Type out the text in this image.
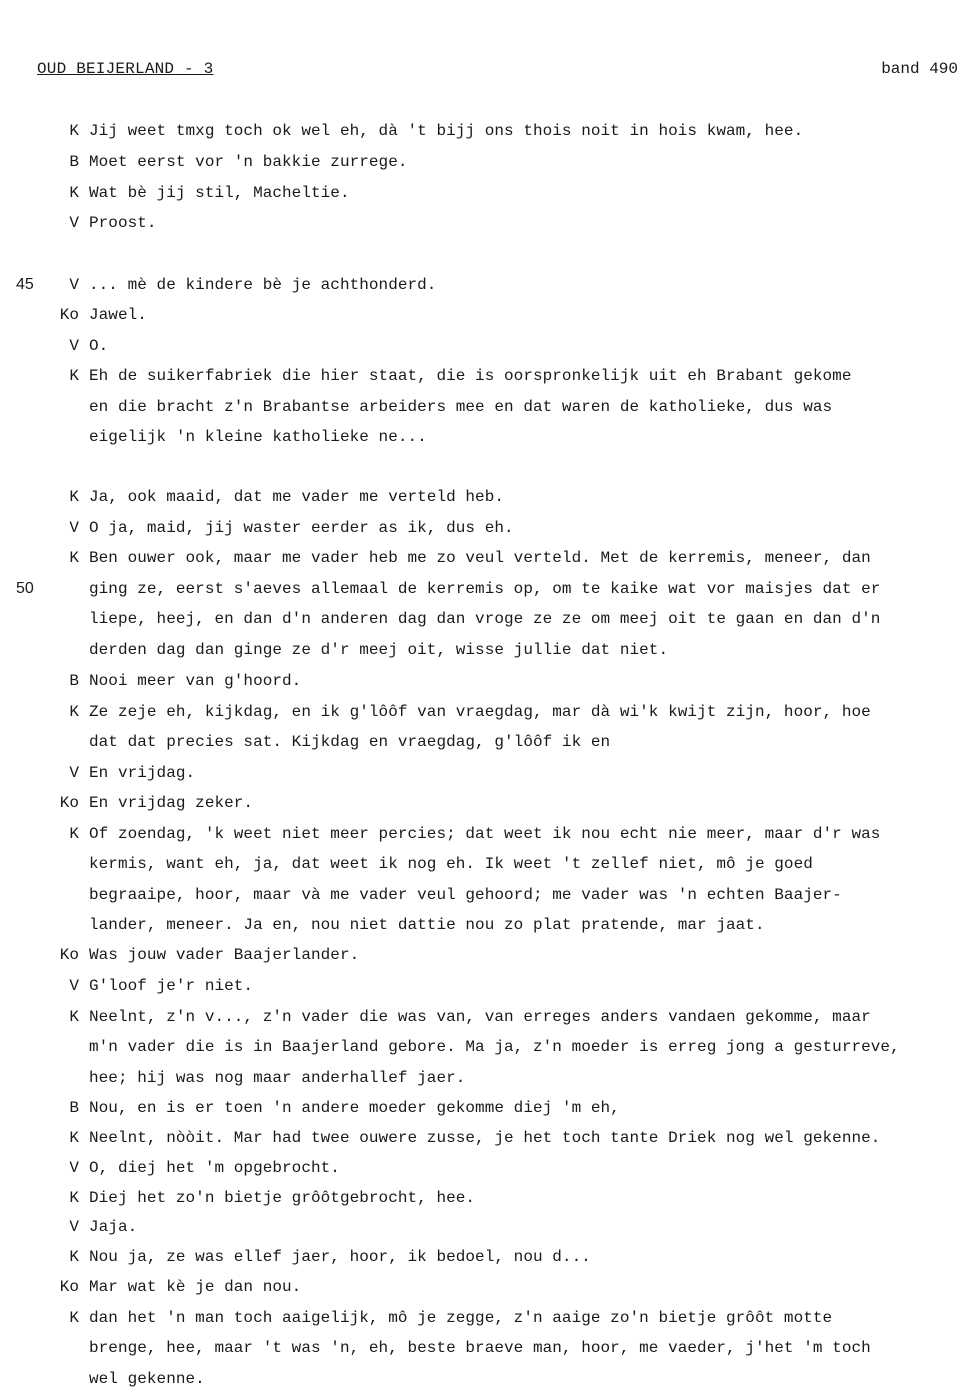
OUD BEIJERLAND - 3	band 490
45
50
K Jij weet tmxg toch ok wel eh, dà 't bijj ons thois noit in hois kwam, hee.
B Moet eerst vor 'n bakkie zurrege.
K Wat bè jij stil, Macheltie.
V Proost.
V ... mè de kindere bè je achthonderd.
Ko Jawel.
V O.
K Eh de suikerfabriek die hier staat, die is oorspronkelijk uit eh Brabant gekome
en die bracht z'n Brabantse arbeiders mee en dat waren de katholieke, dus was
eigelijk 'n kleine katholieke ne...
K Ja, ook maaid, dat me vader me verteld heb.
V O ja, maid, jij waster eerder as ik, dus eh.
K Ben ouwer ook, maar me vader heb me zo veul verteld. Met de kerremis, meneer, dan
ging ze, eerst s'aeves allemaal de kerremis op, om te kaike wat vor maisjes dat er
liepe, heej, en dan d'n anderen dag dan vroge ze ze om meej oit te gaan en dan d'n
derden dag dan ginge ze d'r meej oit, wisse jullie dat niet.
B Nooi meer van g'hoord.
K Ze zeje eh, kijkdag, en ik g'lôôf van vraegdag, mar dà wi'k kwijt zijn, hoor, hoe
dat dat precies sat. Kijkdag en vraegdag, g'lôôf ik en
V En vrijdag.
Ko En vrijdag zeker.
K Of zoendag, 'k weet niet meer percies; dat weet ik nou echt nie meer, maar d'r was
kermis, want eh, ja, dat weet ik nog eh. Ik weet 't zellef niet, mô je goed
begraaipe, hoor, maar và me vader veul gehoord; me vader was 'n echten Baajer-
lander, meneer. Ja en, nou niet dattie nou zo plat pratende, mar jaat.
Ko Was jouw vader Baajerlander.
V G'loof je'r niet.
K Neelnt, z'n v..., z'n vader die was van, van erreges anders vandaen gekomme, maar
m'n vader die is in Baajerland gebore. Ma ja, z'n moeder is erreg jong a gesturreve,
hee; hij was nog maar anderhallef jaer.
B Nou, en is er toen 'n andere moeder gekomme diej 'm eh,
K Neelnt, nòòit. Mar had twee ouwere zusse, je het toch tante Driek nog wel gekenne.
V O, diej het 'm opgebrocht.
K Diej het zo'n bietje grôôtgebrocht, hee.
V Jaja.
K Nou ja, ze was ellef jaer, hoor, ik bedoel, nou d...
Ko Mar wat kè je dan nou.
K dan het 'n man toch aaigelijk, mô je zegge, z'n aaige zo'n bietje grôôt motte
brenge, hee, maar 't was 'n, eh, beste braeve man, hoor, me vaeder, j'het 'm toch
wel gekenne.
